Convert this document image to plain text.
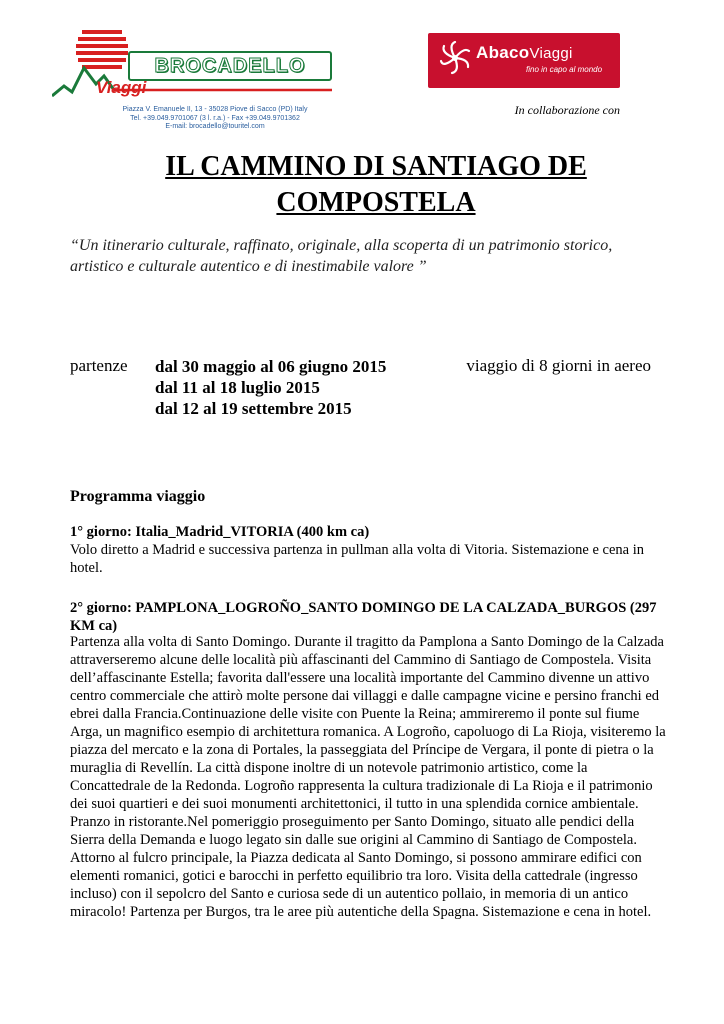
BROCADELLO
Viaggi
Piazza V. Emanuele II, 13 - 35028 Piove di Sacco (PD) Italy
Tel. +39.049.9701067 (3 l. r.a.) - Fax +39.049.9701362
E-mail: brocadello@touritel.com
AbacoViaggi
fino in capo al mondo
In collaborazione con
IL CAMMINO DI SANTIAGO DE COMPOSTELA
“Un itinerario culturale, raffinato, originale, alla scoperta di un patrimonio storico, artistico e culturale autentico e di inestimabile valore ”
partenze dal 30 maggio al 06 giugno 2015
dal 11 al 18 luglio 2015
dal 12 al 19 settembre 2015
viaggio di 8 giorni in aereo
Programma viaggio
1° giorno: Italia_Madrid_VITORIA (400 km ca)
Volo diretto a Madrid e successiva partenza in pullman alla volta di Vitoria. Sistemazione e cena in hotel.
2° giorno: PAMPLONA_LOGROÑO_SANTO DOMINGO DE LA CALZADA_BURGOS (297 KM ca)
Partenza alla volta di Santo Domingo. Durante il tragitto da Pamplona a Santo Domingo de la Calzada attraverseremo alcune delle località più affascinanti del Cammino di Santiago de Compostela. Visita dell’affascinante Estella; favorita dall'essere una località importante del Cammino divenne un attivo centro commerciale che attirò molte persone dai villaggi e dalle campagne vicine e persino franchi ed ebrei dalla Francia.Continuazione delle visite con Puente la Reina; ammireremo il ponte sul fiume Arga, un magnifico esempio di architettura romanica. A Logroño, capoluogo di La Rioja, visiteremo la piazza del mercato e la zona di Portales, la passeggiata del Príncipe de Vergara, il ponte di pietra o la muraglia di Revellín. La città dispone inoltre di un notevole patrimonio artistico, come la Concattedrale de la Redonda. Logroño rappresenta la cultura tradizionale di La Rioja e il patrimonio dei suoi quartieri e dei suoi monumenti architettonici, il tutto in una splendida cornice ambientale. Pranzo in ristorante.Nel pomeriggio proseguimento per Santo Domingo, situato alle pendici della Sierra della Demanda e luogo legato sin dalle sue origini al Cammino di Santiago de Compostela. Attorno al fulcro principale, la Piazza dedicata al Santo Domingo, si possono ammirare edifici con elementi romanici, gotici e barocchi in perfetto equilibrio tra loro. Visita della cattedrale (ingresso incluso) con il sepolcro del Santo e curiosa sede di un autentico pollaio, in memoria di un antico miracolo! Partenza per Burgos, tra le aree più autentiche della Spagna. Sistemazione e cena in hotel.
